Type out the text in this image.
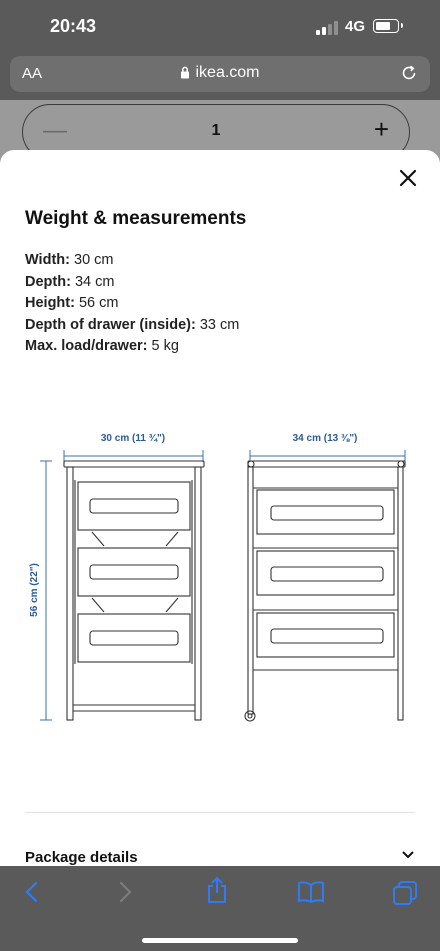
20:43	4G
AA	ikea.com
—	1	+
Weight & measurements
Width: 30 cm
Depth: 34 cm
Height: 56 cm
Depth of drawer (inside): 33 cm
Max. load/drawer: 5 kg
30 cm (11 ¾")	34 cm (13 ⅜")
56 cm (22")
Package details
